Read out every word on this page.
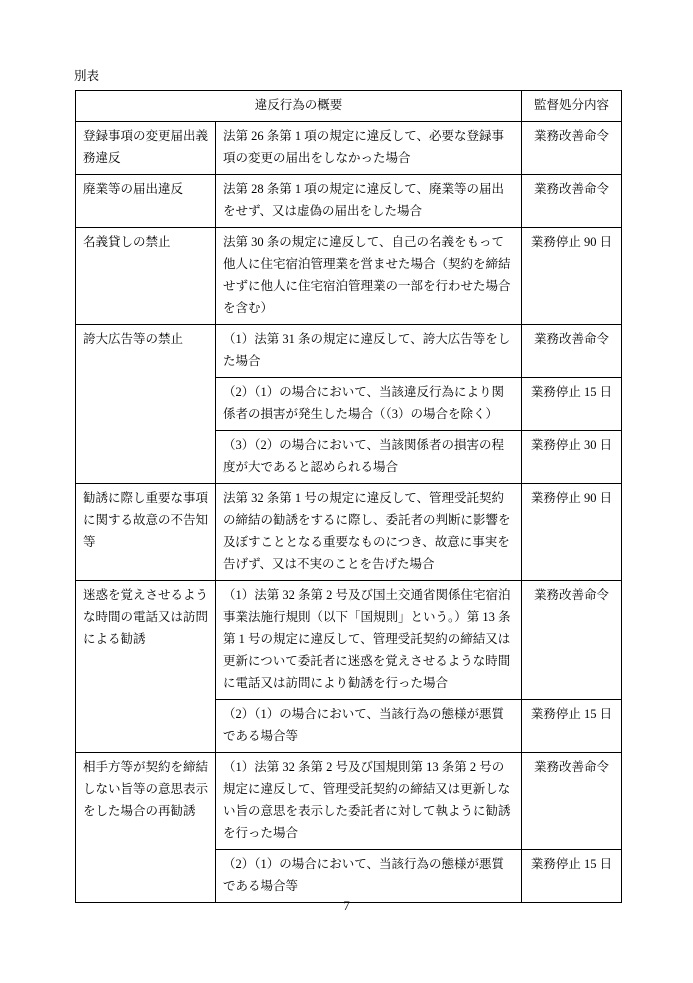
別表
違反行為の概要		監督処分内容
登録事項の変更届出義務違反	法第 26 条第 1 項の規定に違反して、必要な登録事項の変更の届出をしなかった場合	業務改善命令
廃業等の届出違反	法第 28 条第 1 項の規定に違反して、廃業等の届出をせず、又は虚偽の届出をした場合	業務改善命令
名義貸しの禁止	法第 30 条の規定に違反して、自己の名義をもって他人に住宅宿泊管理業を営ませた場合（契約を締結せずに他人に住宅宿泊管理業の一部を行わせた場合を含む）	業務停止 90 日
誇大広告等の禁止	（1）法第 31 条の規定に違反して、誇大広告等をした場合	業務改善命令
	（2）（1）の場合において、当該違反行為により関係者の損害が発生した場合（（3）の場合を除く）	業務停止 15 日
	（3）（2）の場合において、当該関係者の損害の程度が大であると認められる場合	業務停止 30 日
勧誘に際し重要な事項に関する故意の不告知等	法第 32 条第 1 号の規定に違反して、管理受託契約の締結の勧誘をするに際し、委託者の判断に影響を及ぼすこととなる重要なものにつき、故意に事実を告げず、又は不実のことを告げた場合	業務停止 90 日
迷惑を覚えさせるような時間の電話又は訪問による勧誘	（1）法第 32 条第 2 号及び国土交通省関係住宅宿泊事業法施行規則（以下「国規則」という。）第 13 条第 1 号の規定に違反して、管理受託契約の締結又は更新について委託者に迷惑を覚えさせるような時間に電話又は訪問により勧誘を行った場合	業務改善命令
	（2）（1）の場合において、当該行為の態様が悪質である場合等	業務停止 15 日
相手方等が契約を締結しない旨等の意思表示をした場合の再勧誘	（1）法第 32 条第 2 号及び国規則第 13 条第 2 号の規定に違反して、管理受託契約の締結又は更新しない旨の意思を表示した委託者に対して執ように勧誘を行った場合	業務改善命令
	（2）（1）の場合において、当該行為の態様が悪質である場合等	業務停止 15 日
7
